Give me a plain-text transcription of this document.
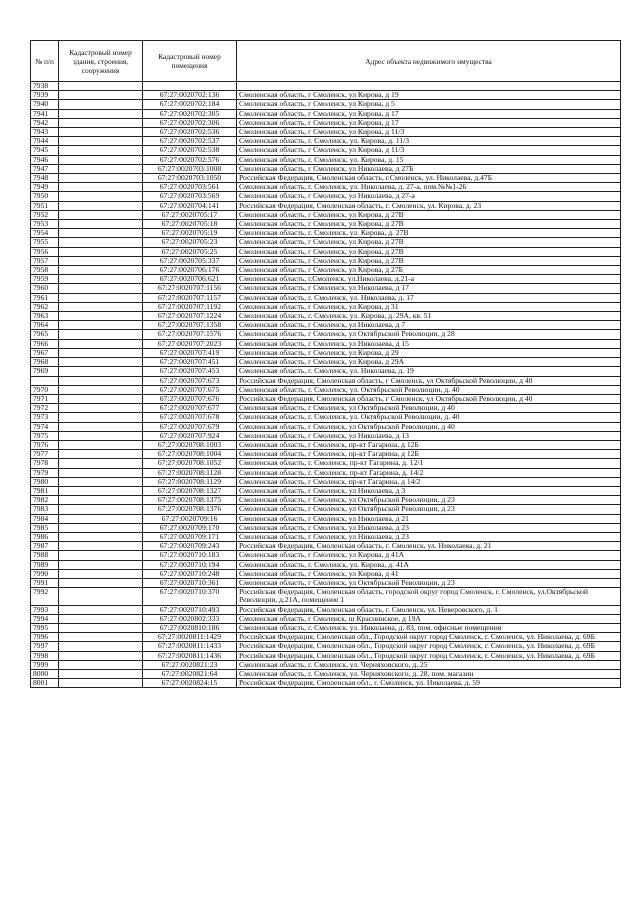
№ п/п	Кадастровый номер здания, строения, сооружения	Кадастровый номер помещения	Адрес объекта недвижимого имущества
7938			
7939		67:27:0020702:136	Смоленская область, г Смоленск, ул Кирова, д 19
7940		67:27:0020702:184	Смоленская область, г Смоленск, ул Кирова, д 5
7941		67:27:0020702:305	Смоленская область, г Смоленск, ул Кирова, д 17
7942		67:27:0020702:306	Смоленская область, г Смоленск, ул Кирова, д 17
7943		67:27:0020702:536	Смоленская область, г Смоленск, ул Кирова, д 11/3
7944		67:27:0020702:537	Смоленская область, г. Смоленск, ул. Кирова, д. 11/3
7945		67:27:0020702:538	Смоленская область, г Смоленск, ул Кирова, д 11/3
7946		67:27:0020702:576	Смоленская область, г. Смоленск, ул. Кирова, д. 15
7947		67:27:0020703:1008	Смоленская область, г Смоленск, ул Николаева, д 27Б
7948		67:27:0020703:1050	Российская Федерация, Смоленская область, г.Смоленск, ул. Николаева, д.47Б
7949		67:27:0020703:561	Смоленская область, г. Смоленск, ул. Николаева, д. 27-а, пом.№№1-26
7950		67:27:0020703:569	Смоленская область, г Смоленск, ул Николаева, д 27-а
7951		67:27:0020704:141	Российская Федерация, Смоленская область, г. Смоленск, ул. Кирова, д. 23
7952		67:27:0020705:17	Смоленская область, г Смоленск, ул Кирова, д 27В
7953		67:27:0020705:18	Смоленская область, г Смоленск, ул Кирова, д 27В
7954		67:27:0020705:19	Смоленская область, г. Смоленск, ул. Кирова, д. 27В
7955		67:27:0020705:23	Смоленская область, г Смоленск, ул Кирова, д 27В
7956		67:27:0020705:25	Смоленская область, г Смоленск, ул Кирова, д 27В
7957		67:27:0020705:337	Смоленская область, г Смоленск, ул Кирова, д 27В
7958		67:27:0020706:176	Смоленская область, г Смоленск, ул Кирова, д 27Б
7959		67:27:0020706:621	Смоленская область, г.Смоленск, ул.Николаева, д.21-а
7960		67:27:0020707:1156	Смоленская область, г Смоленск, ул Николаева, д 17
7961		67:27:0020707:1157	Смоленская область, г. Смоленск, ул. Николаева, д. 17
7962		67:27:0020707:1192	Смоленская область, г Смоленск, ул Кирова, д 31
7963		67:27:0020707:1224	Смоленская область, г. Смоленск, ул. Кирова, д. 29А, кв. 51
7964		67:27:0020707:1358	Смоленская область, г Смоленск, ул Николаева, д 7
7965		67:27:0020707:1576	Смоленская область, г Смоленск, ул Октябрьской Революции, д 28
7966		67:27:0020707:2023	Смоленская область, г Смоленск, ул Николаева, д 15
7967		67:27:0020707:419	Смоленская область, г Смоленск, ул Кирова, д 29
7968		67:27:0020707:451	Смоленская область, г Смоленск, ул Кирова, д 29А
7969		67:27:0020707:453	Смоленская область, г. Смоленск, ул. Николаева, д. 19
		67:27:0020707:673	Российская Федерация, Смоленская область, г Смоленск, ул Октябрьской Революции, д 40
7970		67:27:0020707:675	Смоленская область, г. Смоленск, ул. Октябрьской Революции, д. 40
7971		67:27:0020707:676	Российская Федерация, Смоленская область, г Смоленск, ул Октябрьской Революции, д 40
7972		67:27:0020707:677	Смоленская область, г Смоленск, ул Октябрьской Революции, д 40
7973		67:27:0020707:678	Смоленская область, г. Смоленск, ул. Октябрьской Революции, д. 40
7974		67:27:0020707:679	Смоленская область, г Смоленск, ул Октябрьской Революции, д 40
7975		67:27:0020707:924	Смоленская область, г Смоленск, ул Николаева, д 13
7976		67:27:0020708:1003	Смоленская область, г Смоленск, пр-кт Гагарина, д 12Б
7977		67:27:0020708:1004	Смоленская область, г Смоленск, пр-кт Гагарина, д 12Б
7978		67:27:0020708:1052	Смоленская область, г. Смоленск, пр-кт Гагарина, д. 12/1
7979		67:27:0020708:1128	Смоленская область, г. Смоленск, пр-кт Гагарина, д. 14/2
7980		67:27:0020708:1129	Смоленская область, г Смоленск, пр-кт Гагарина, д 14/2
7981		67:27:0020708:1327	Смоленская область, г Смоленск, ул Николаева, д 3
7982		67:27:0020708:1375	Смоленская область, г Смоленск, ул Октябрьской Революции, д 23
7983		67:27:0020708:1376	Смоленская область, г Смоленск, ул Октябрьской Революции, д 23
7984		67:27:0020709:16	Смоленская область, г Смоленск, ул Николаева, д 21
7985		67:27:0020709:170	Смоленская область, г Смоленск, ул Николаева, д 23
7986		67:27:0020709:171	Смоленская область, г Смоленск, ул Николаева, д 23
7987		67:27:0020709:243	Российская Федерация, Смоленская область, г. Смоленск, ул. Николаева, д. 21
7988		67:27:0020710:183	Смоленская область, г Смоленск, ул Кирова, д 41А
7989		67:27:0020710:194	Смоленская область, г. Смоленск, ул. Кирова, д. 41А
7990		67:27:0020710:248	Смоленская область, г Смоленск, ул Кирова, д 41
7991		67:27:0020710:361	Смоленская область, г Смоленск, ул Октябрьской Революции, д 23
7992		67:27:0020710:370	Российская Федерация, Смоленская область, городской округ город Смоленск, г. Смоленск, ул.Октябрьской Революции, д.21А, помещение 1
7993		67:27:0020710:493	Российская Федерация, Смоленская область, г. Смоленск, ул. Неверовского, д. 1
7994		67:27:0020802:333	Смоленская область, г Смоленск, ш Краснинское, д 19А
7995		67:27:0020810:186	Смоленская область, г. Смоленск, ул. Николаева, д. 83, пом. офисные помещения
7996		67:27:0020811:1429	Российская Федерация, Смоленская обл., Городской округ город Смоленск, г. Смоленск, ул. Николаева, д. 69Б
7997		67:27:0020811:1433	Российская Федерация, Смоленская обл., Городской округ город Смоленск, г. Смоленск, ул. Николаева, д. 69Б
7998		67:27:0020811:1436	Российская Федерация, Смоленская обл., Городской округ город Смоленск, г. Смоленск, ул. Николаева, д. 69Б
7999		67:27:0020821:23	Смоленская область, г. Смоленск, ул. Черняховского, д. 25
8000		67:27:0020821:64	Смоленская область, г. Смоленск, ул. Черняховского, д. 28, пом. магазин
8001		67:27:0020824:15	Российская Федерация, Смоленская обл., г. Смоленск, ул. Николаева, д. 59
